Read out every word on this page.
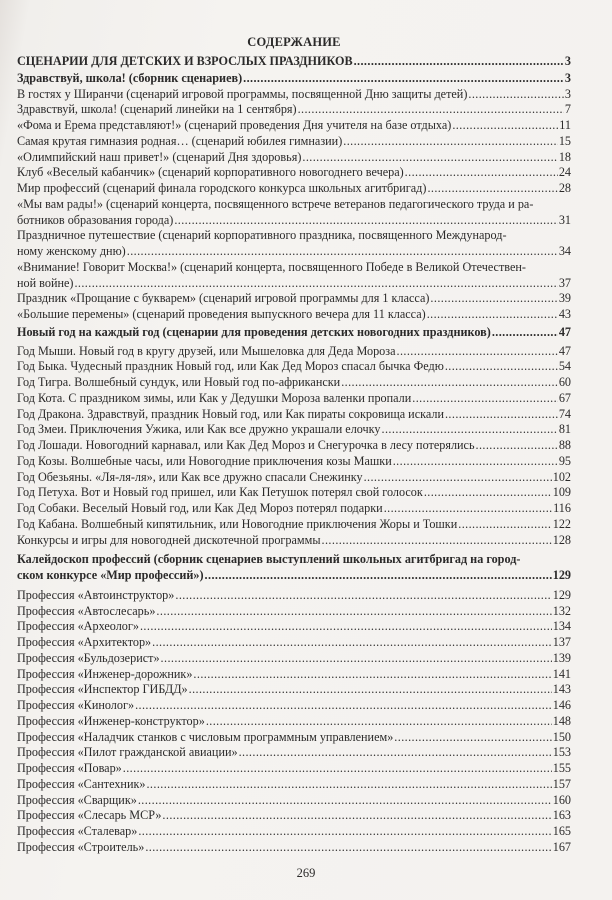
СОДЕРЖАНИЕ
СЦЕНАРИИ ДЛЯ ДЕТСКИХ И ВЗРОСЛЫХ ПРАЗДНИКОВ .....	3
Здравствуй, школа! (сборник сценариев) .....	3
В гостях у Ширанчи (сценарий игровой программы, посвященной Дню защиты детей) .....	3
Здравствуй, школа! (сценарий линейки на 1 сентября) .....	7
«Фома и Ерема представляют!» (сценарий проведения Дня учителя на базе отдыха) .....	11
Самая крутая гимназия родная… (сценарий юбилея гимназии) .....	15
«Олимпийский наш привет!» (сценарий Дня здоровья) .....	18
Клуб «Веселый кабанчик» (сценарий корпоративного новогоднего вечера) .....	24
Мир профессий (сценарий финала городского конкурса школьных агитбригад) .....	28
«Мы вам рады!» (сценарий концерта, посвященного встрече ветеранов педагогического труда и ра-
ботников образования города) .....	31
Праздничное путешествие (сценарий корпоративного праздника, посвященного Международ-
ному женскому дню) .....	34
«Внимание! Говорит Москва!» (сценарий концерта, посвященного Победе в Великой Отечествен-
ной войне) .....	37
Праздник «Прощание с букварем» (сценарий игровой программы для 1 класса) .....	39
«Большие перемены» (сценарий проведения выпускного вечера для 11 класса) .....	43
Новый год на каждый год (сценарии для проведения детских новогодних праздников) .....	47
Год Мыши. Новый год в кругу друзей, или Мышеловка для Деда Мороза .....	47
Год Быка. Чудесный праздник Новый год, или Как Дед Мороз спасал бычка Федю .....	54
Год Тигра. Волшебный сундук, или Новый год по-африкански .....	60
Год Кота. С праздником зимы, или Как у Дедушки Мороза валенки пропали .....	67
Год Дракона. Здравствуй, праздник Новый год, или Как пираты сокровища искали .....	74
Год Змеи. Приключения Ужика, или Как все дружно украшали елочку .....	81
Год Лошади. Новогодний карнавал, или Как Дед Мороз и Снегурочка в лесу потерялись .....	88
Год Козы. Волшебные часы, или Новогодние приключения козы Машки .....	95
Год Обезьяны. «Ля-ля-ля», или Как все дружно спасали Снежинку .....	102
Год Петуха. Вот и Новый год пришел, или Как Петушок потерял свой голосок .....	109
Год Собаки. Веселый Новый год, или Как Дед Мороз потерял подарки .....	116
Год Кабана. Волшебный кипятильник, или Новогодние приключения Жоры и Тошки .....	122
Конкурсы и игры для новогодней дискотечной программы .....	128
Калейдоскоп профессий (сборник сценариев выступлений школьных агитбригад на город-
ском конкурсе «Мир профессий») .....	129
Профессия «Автоинструктор» .....	129
Профессия «Автослесарь» .....	132
Профессия «Археолог» .....	134
Профессия «Архитектор» .....	137
Профессия «Бульдозерист» .....	139
Профессия «Инженер-дорожник» .....	141
Профессия «Инспектор ГИБДД» .....	143
Профессия «Кинолог» .....	146
Профессия «Инженер-конструктор» .....	148
Профессия «Наладчик станков с числовым программным управлением» .....	150
Профессия «Пилот гражданской авиации» .....	153
Профессия «Повар» .....	155
Профессия «Сантехник» .....	157
Профессия «Сварщик» .....	160
Профессия «Слесарь МСР» .....	163
Профессия «Сталевар» .....	165
Профессия «Строитель» .....	167
269
